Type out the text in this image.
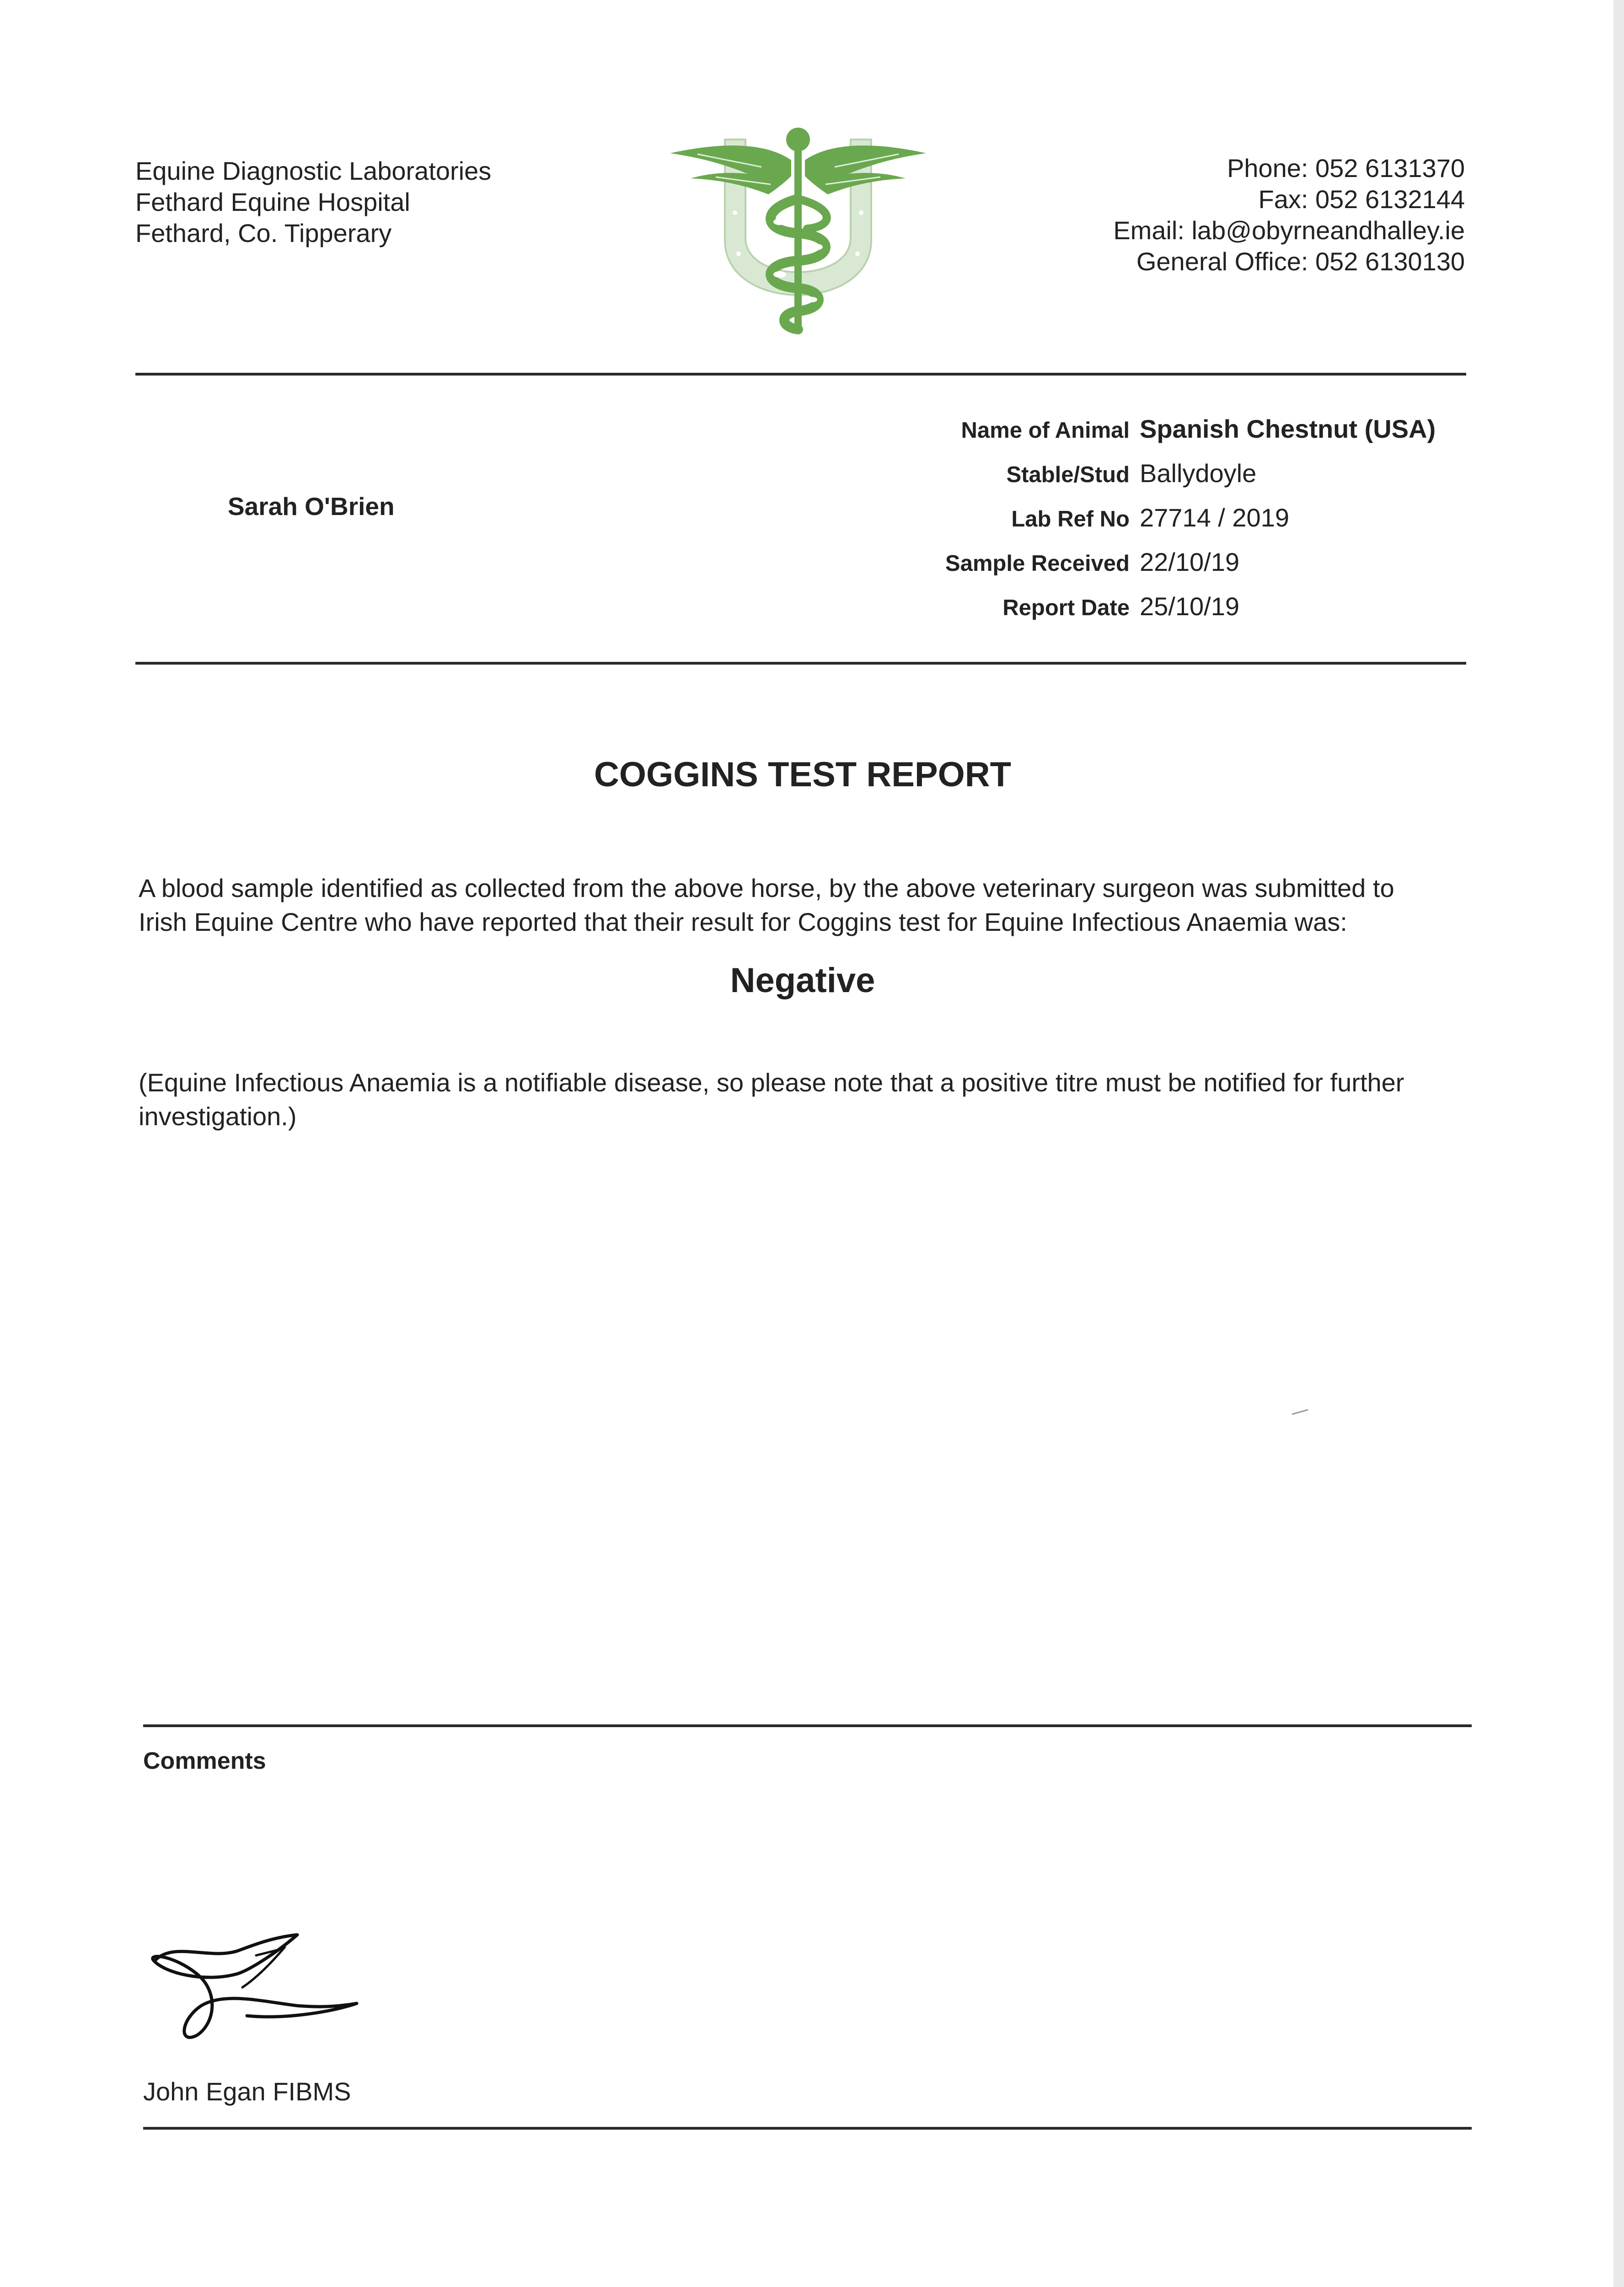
Equine Diagnostic Laboratories
Fethard Equine Hospital
Fethard, Co. Tipperary
Phone: 052 6131370
Fax: 052 6132144
Email: lab@obyrneandhalley.ie
General Office: 052 6130130
Sarah O'Brien
Name of Animal Spanish Chestnut (USA)
Stable/Stud Ballydoyle
Lab Ref No 27714 / 2019
Sample Received 22/10/19
Report Date 25/10/19
COGGINS TEST REPORT
A blood sample identified as collected from the above horse, by the above veterinary surgeon was submitted to
Irish Equine Centre who have reported that their result for Coggins test for Equine Infectious Anaemia was:
Negative
(Equine Infectious Anaemia is a notifiable disease, so please note that a positive titre must be notified for further
investigation.)
Comments
John Egan FIBMS
